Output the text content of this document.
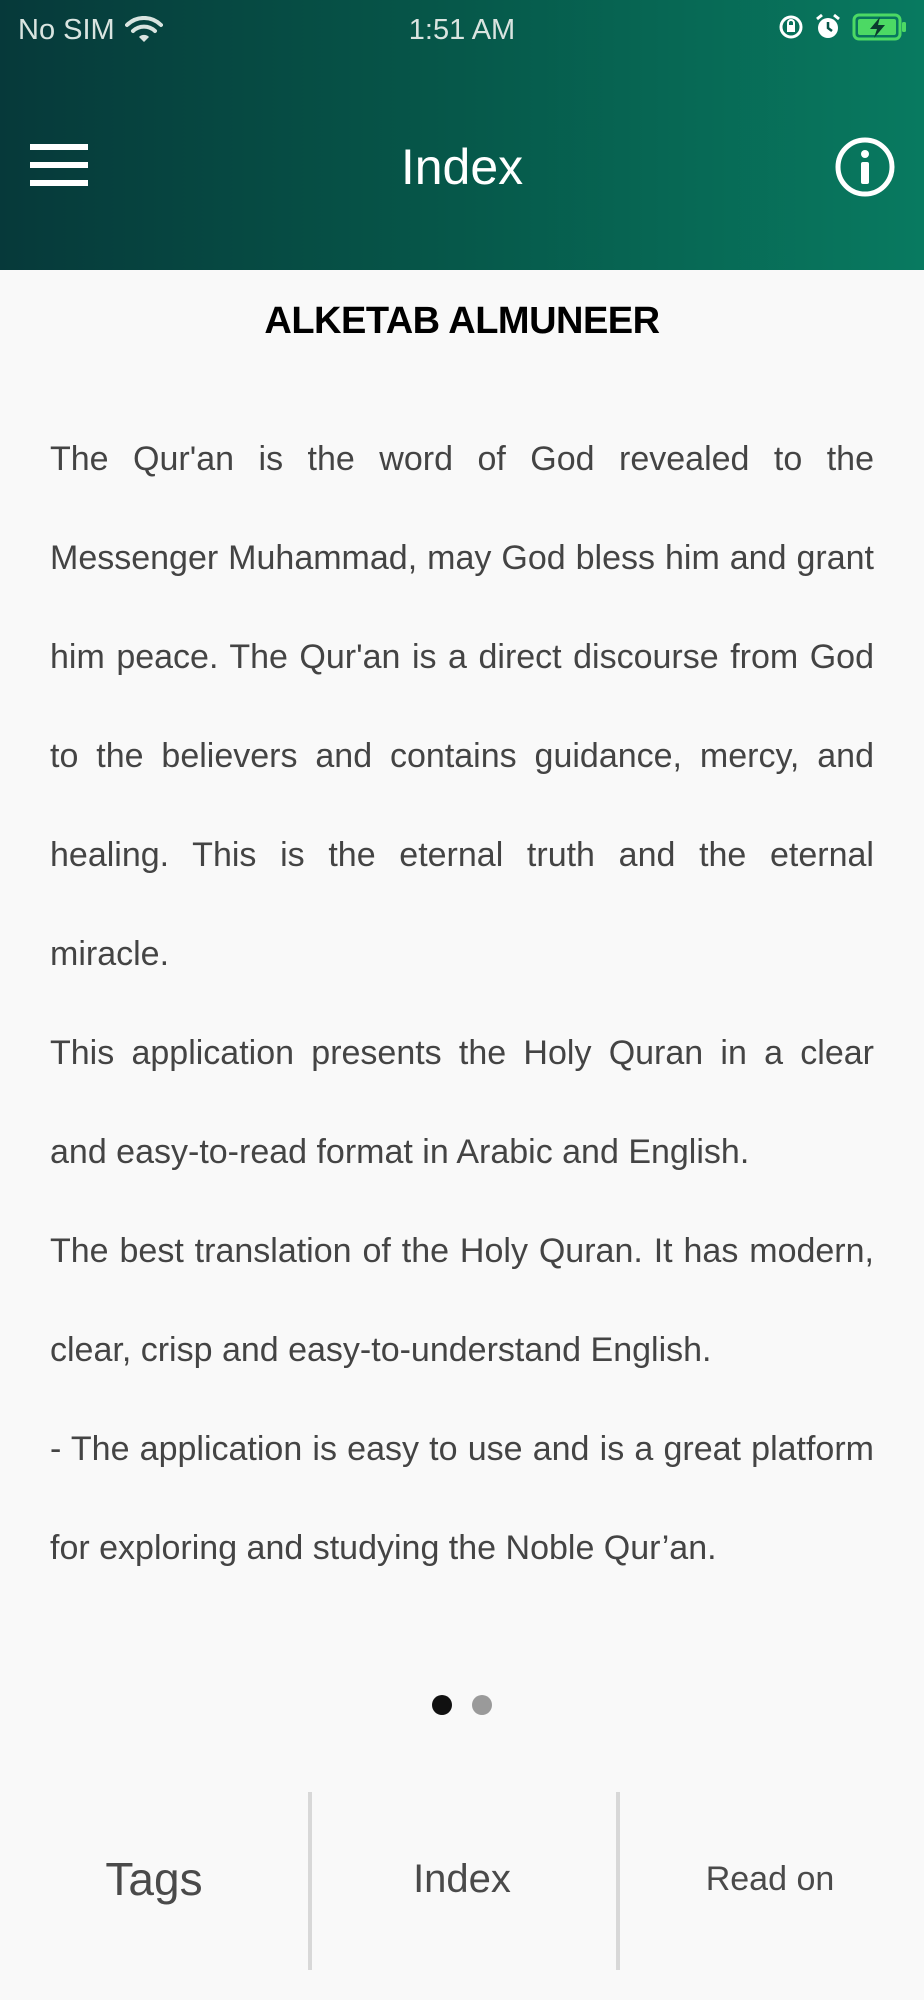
No SIM	1:51 AM
Index
ALKETAB ALMUNEER

The Qur'an is the word of God revealed to the Messenger Muhammad, may God bless him and grant him peace. The Qur'an is a direct discourse from God to the believers and contains guidance, mercy, and healing. This is the eternal truth and the eternal miracle.

This application presents the Holy Quran in a clear and easy-to-read format in Arabic and English.

The best translation of the Holy Quran. It has modern, clear, crisp and easy-to-understand English.

- The application is easy to use and is a great platform for exploring and studying the Noble Qur’an.

Tags	Index	Read on
